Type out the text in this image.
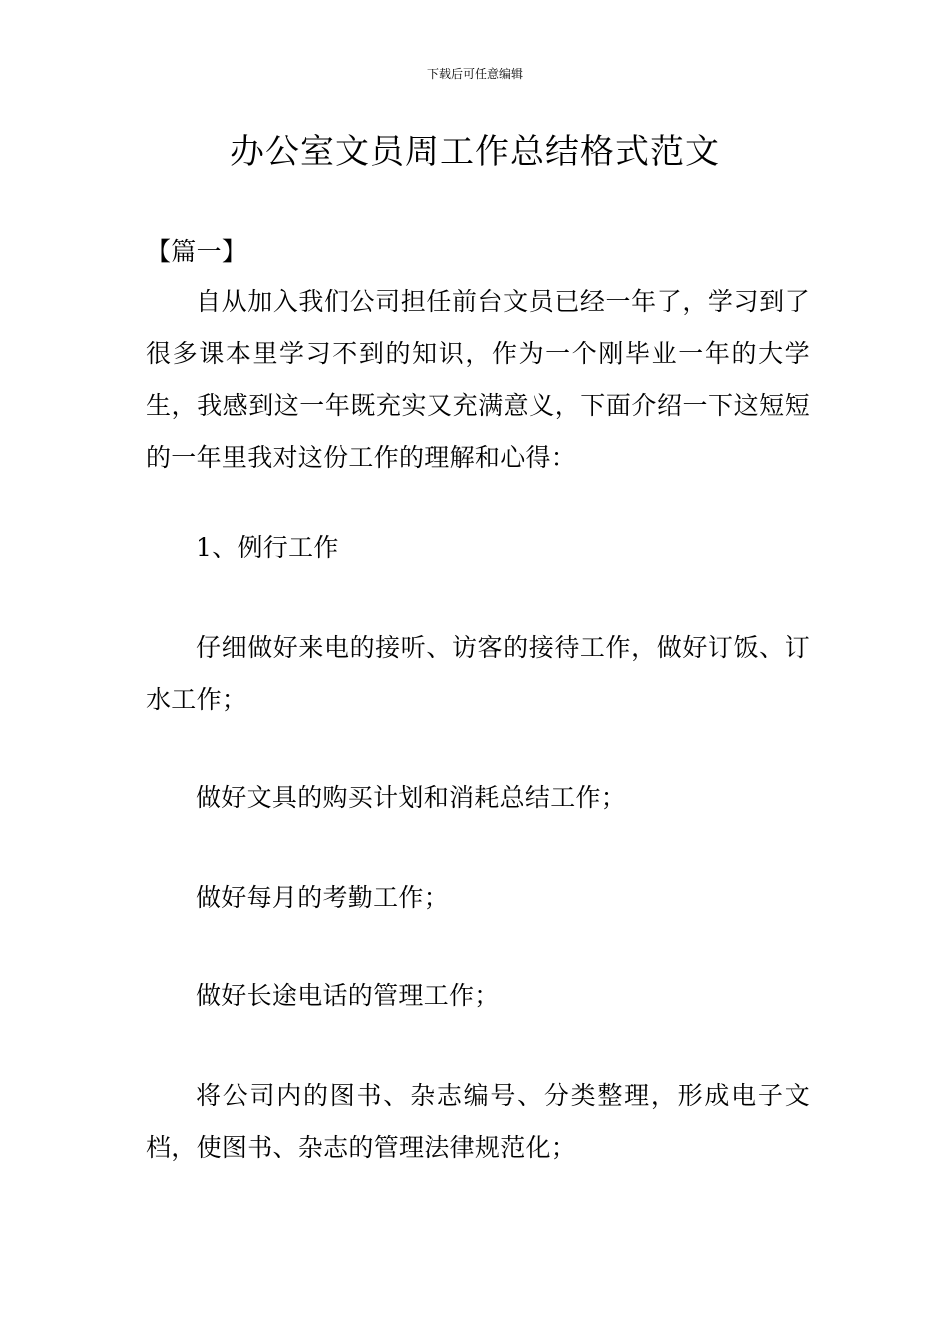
下载后可任意编辑
办公室文员周工作总结格式范文
【篇一】

自从加入我们公司担任前台文员已经一年了，学习到了很多课本里学习不到的知识，作为一个刚毕业一年的大学生，我感到这一年既充实又充满意义，下面介绍一下这短短的一年里我对这份工作的理解和心得：

1、例行工作

仔细做好来电的接听、访客的接待工作，做好订饭、订水工作；

做好文具的购买计划和消耗总结工作；

做好每月的考勤工作；

做好长途电话的管理工作；

将公司内的图书、杂志编号、分类整理，形成电子文档，使图书、杂志的管理法律规范化；
